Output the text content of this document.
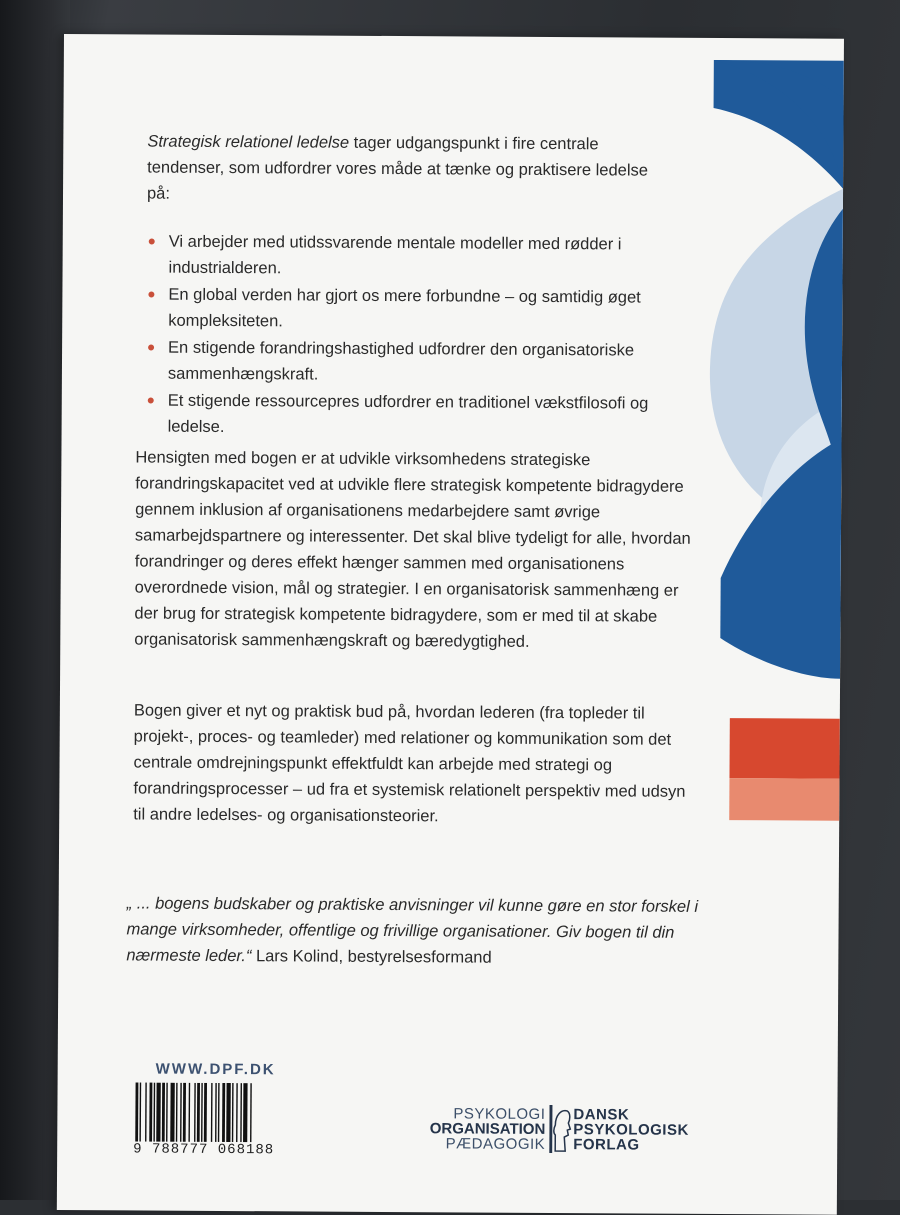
Strategisk relationel ledelse tager udgangspunkt i fire centrale tendenser, som udfordrer vores måde at tænke og praktisere ledelse på:
Vi arbejder med utidssvarende mentale modeller med rødder i industrialderen.
En global verden har gjort os mere forbundne – og samtidig øget kompleksiteten.
En stigende forandringshastighed udfordrer den organisatoriske sammenhængskraft.
Et stigende ressourcepres udfordrer en traditionel vækstfilosofi og ledelse.
Hensigten med bogen er at udvikle virksomhedens strategiske forandringskapacitet ved at udvikle flere strategisk kompetente bidragydere gennem inklusion af organisationens medarbejdere samt øvrige samarbejdspartnere og interessenter. Det skal blive tydeligt for alle, hvordan forandringer og deres effekt hænger sammen med organisationens overordnede vision, mål og strategier. I en organisatorisk sammenhæng er der brug for strategisk kompetente bidragydere, som er med til at skabe organisatorisk sammenhængskraft og bæredygtighed.
Bogen giver et nyt og praktisk bud på, hvordan lederen (fra topleder til projekt-, proces- og teamleder) med relationer og kommunikation som det centrale omdrejningspunkt effektfuldt kan arbejde med strategi og forandringsprocesser – ud fra et systemisk relationelt perspektiv med udsyn til andre ledelses- og organisationsteorier.
„ ... bogens budskaber og praktiske anvisninger vil kunne gøre en stor forskel i mange virksomheder, offentlige og frivillige organisationer. Giv bogen til din nærmeste leder.“ Lars Kolind, bestyrelsesformand
WWW.DPF.DK
9 788777 068188
PSYKOLOGI
ORGANISATION
PÆDAGOGIK
DANSK
PSYKOLOGISK
FORLAG
